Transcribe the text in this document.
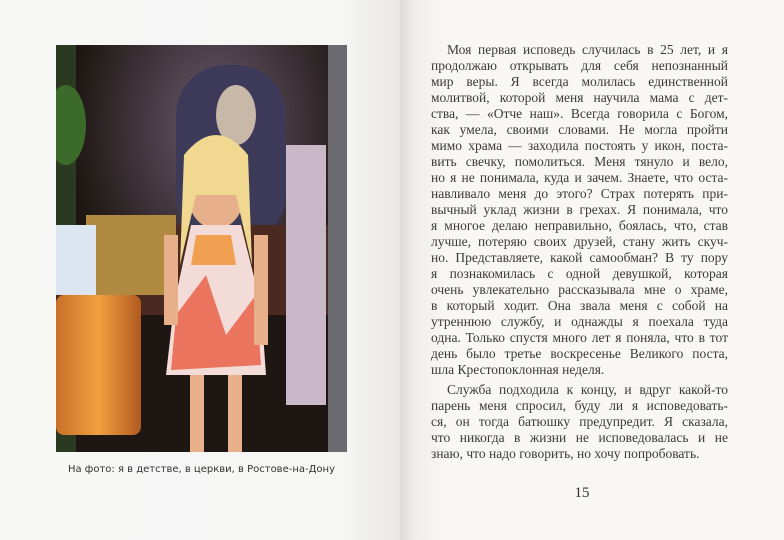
На фото: я в детстве, в церкви, в Ростове-на-Дону
Моя первая исповедь случилась в 25 лет, и я
продолжаю открывать для себя непознанный
мир веры. Я всегда молилась единственной
молитвой, которой меня научила мама с дет-
ства, — «Отче наш». Всегда говорила с Богом,
как умела, своими словами. Не могла пройти
мимо храма — заходила постоять у икон, поста-
вить свечку, помолиться. Меня тянуло и вело,
но я не понимала, куда и зачем. Знаете, что оста-
навливало меня до этого? Страх потерять при-
вычный уклад жизни в грехах. Я понимала, что
я многое делаю неправильно, боялась, что, став
лучше, потеряю своих друзей, стану жить скуч-
но. Представляете, какой самообман? В ту пору
я познакомилась с одной девушкой, которая
очень увлекательно рассказывала мне о храме,
в который ходит. Она звала меня с собой на
утреннюю службу, и однажды я поехала туда
одна. Только спустя много лет я поняла, что в тот
день было третье воскресенье Великого поста,
шла Крестопоклонная неделя.
Служба подходила к концу, и вдруг какой-то
парень меня спросил, буду ли я исповедовать-
ся, он тогда батюшку предупредит. Я сказала,
что никогда в жизни не исповедовалась и не
знаю, что надо говорить, но хочу попробовать.
15
